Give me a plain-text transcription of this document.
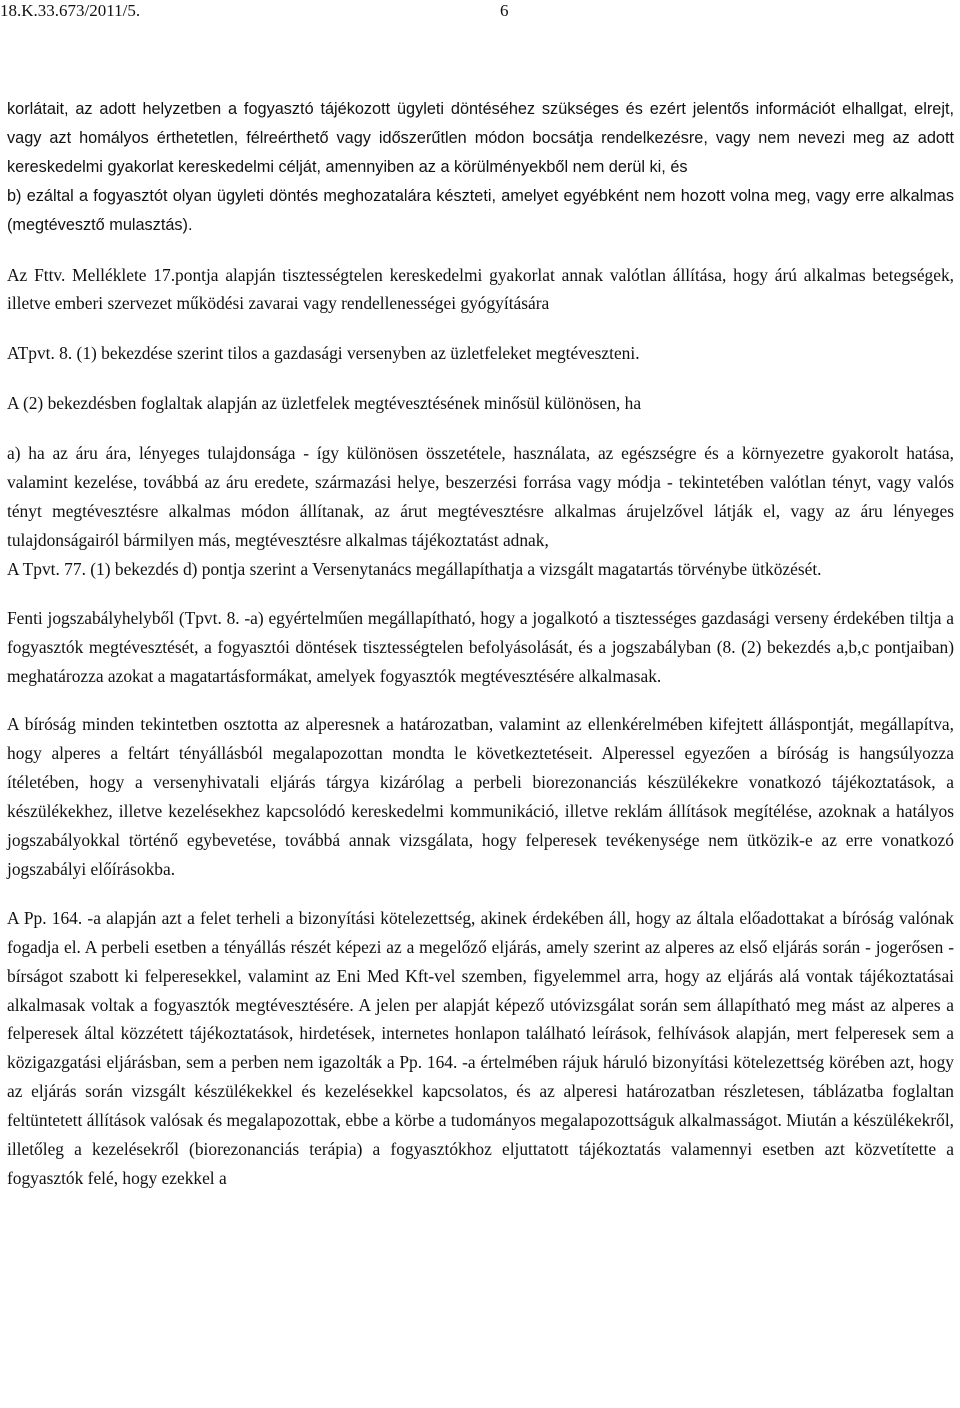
18.K.33.673/2011/5.	6

korlátait, az adott helyzetben a fogyasztó tájékozott ügyleti döntéséhez szükséges és ezért jelentős információt elhallgat, elrejt, vagy azt homályos érthetetlen, félreérthető vagy időszerűtlen módon bocsátja rendelkezésre, vagy nem nevezi meg az adott kereskedelmi gyakorlat kereskedelmi célját, amennyiben az a körülményekből nem derül ki, és

b) ezáltal a fogyasztót olyan ügyleti döntés meghozatalára készteti, amelyet egyébként nem hozott volna meg, vagy erre alkalmas (megtévesztő mulasztás).

Az Fttv. Melléklete 17.pontja alapján tisztességtelen kereskedelmi gyakorlat annak valótlan állítása, hogy árú alkalmas betegségek, illetve emberi szervezet működési zavarai vagy rendellenességei gyógyítására

ATpvt. 8. (1) bekezdése szerint tilos a gazdasági versenyben az üzletfeleket megtéveszteni.

A (2) bekezdésben foglaltak alapján az üzletfelek megtévesztésének minősül különösen, ha

a) ha az áru ára, lényeges tulajdonsága - így különösen összetétele, használata, az egészségre és a környezetre gyakorolt hatása, valamint kezelése, továbbá az áru eredete, származási helye, beszerzési forrása vagy módja - tekintetében valótlan tényt, vagy valós tényt megtévesztésre alkalmas módon állítanak, az árut megtévesztésre alkalmas árujelzővel látják el, vagy az áru lényeges tulajdonságairól bármilyen más, megtévesztésre alkalmas tájékoztatást adnak,

A Tpvt. 77. (1) bekezdés d) pontja szerint a Versenytanács megállapíthatja a vizsgált magatartás törvénybe ütközését.

Fenti jogszabályhelyből (Tpvt. 8. -a) egyértelműen megállapítható, hogy a jogalkotó a tisztességes gazdasági verseny érdekében tiltja a fogyasztók megtévesztését, a fogyasztói döntések tisztességtelen befolyásolását, és a jogszabályban (8. (2) bekezdés a,b,c pontjaiban) meghatározza azokat a magatartásformákat, amelyek fogyasztók megtévesztésére alkalmasak.

A bíróság minden tekintetben osztotta az alperesnek a határozatban, valamint az ellenkérelmében kifejtett álláspontját, megállapítva, hogy alperes a feltárt tényállásból megalapozottan mondta le következtetéseit. Alperessel egyezően a bíróság is hangsúlyozza ítéletében, hogy a versenyhivatali eljárás tárgya kizárólag a perbeli biorezonanciás készülékekre vonatkozó tájékoztatások, a készülékekhez, illetve kezelésekhez kapcsolódó kereskedelmi kommunikáció, illetve reklám állítások megítélése, azoknak a hatályos jogszabályokkal történő egybevetése, továbbá annak vizsgálata, hogy felperesek tevékenysége nem ütközik-e az erre vonatkozó jogszabályi előírásokba.

A Pp. 164. -a alapján azt a felet terheli a bizonyítási kötelezettség, akinek érdekében áll, hogy az általa előadottakat a bíróság valónak fogadja el. A perbeli esetben a tényállás részét képezi az a megelőző eljárás, amely szerint az alperes az első eljárás során - jogerősen - bírságot szabott ki felperesekkel, valamint az Eni Med Kft-vel szemben, figyelemmel arra, hogy az eljárás alá vontak tájékoztatásai alkalmasak voltak a fogyasztók megtévesztésére. A jelen per alapját képező utóvizsgálat során sem állapítható meg mást az alperes a felperesek által közzétett tájékoztatások, hirdetések, internetes honlapon található leírások, felhívások alapján, mert felperesek sem a közigazgatási eljárásban, sem a perben nem igazolták a Pp. 164. -a értelmében rájuk háruló bizonyítási kötelezettség körében azt, hogy az eljárás során vizsgált készülékekkel és kezelésekkel kapcsolatos, és az alperesi határozatban részletesen, táblázatba foglaltan feltüntetett állítások valósak és megalapozottak, ebbe a körbe a tudományos megalapozottságuk alkalmasságot. Miután a készülékekről, illetőleg a kezelésekről (biorezonanciás terápia) a fogyasztókhoz eljuttatott tájékoztatás valamennyi esetben azt közvetítette a fogyasztók felé, hogy ezekkel a
